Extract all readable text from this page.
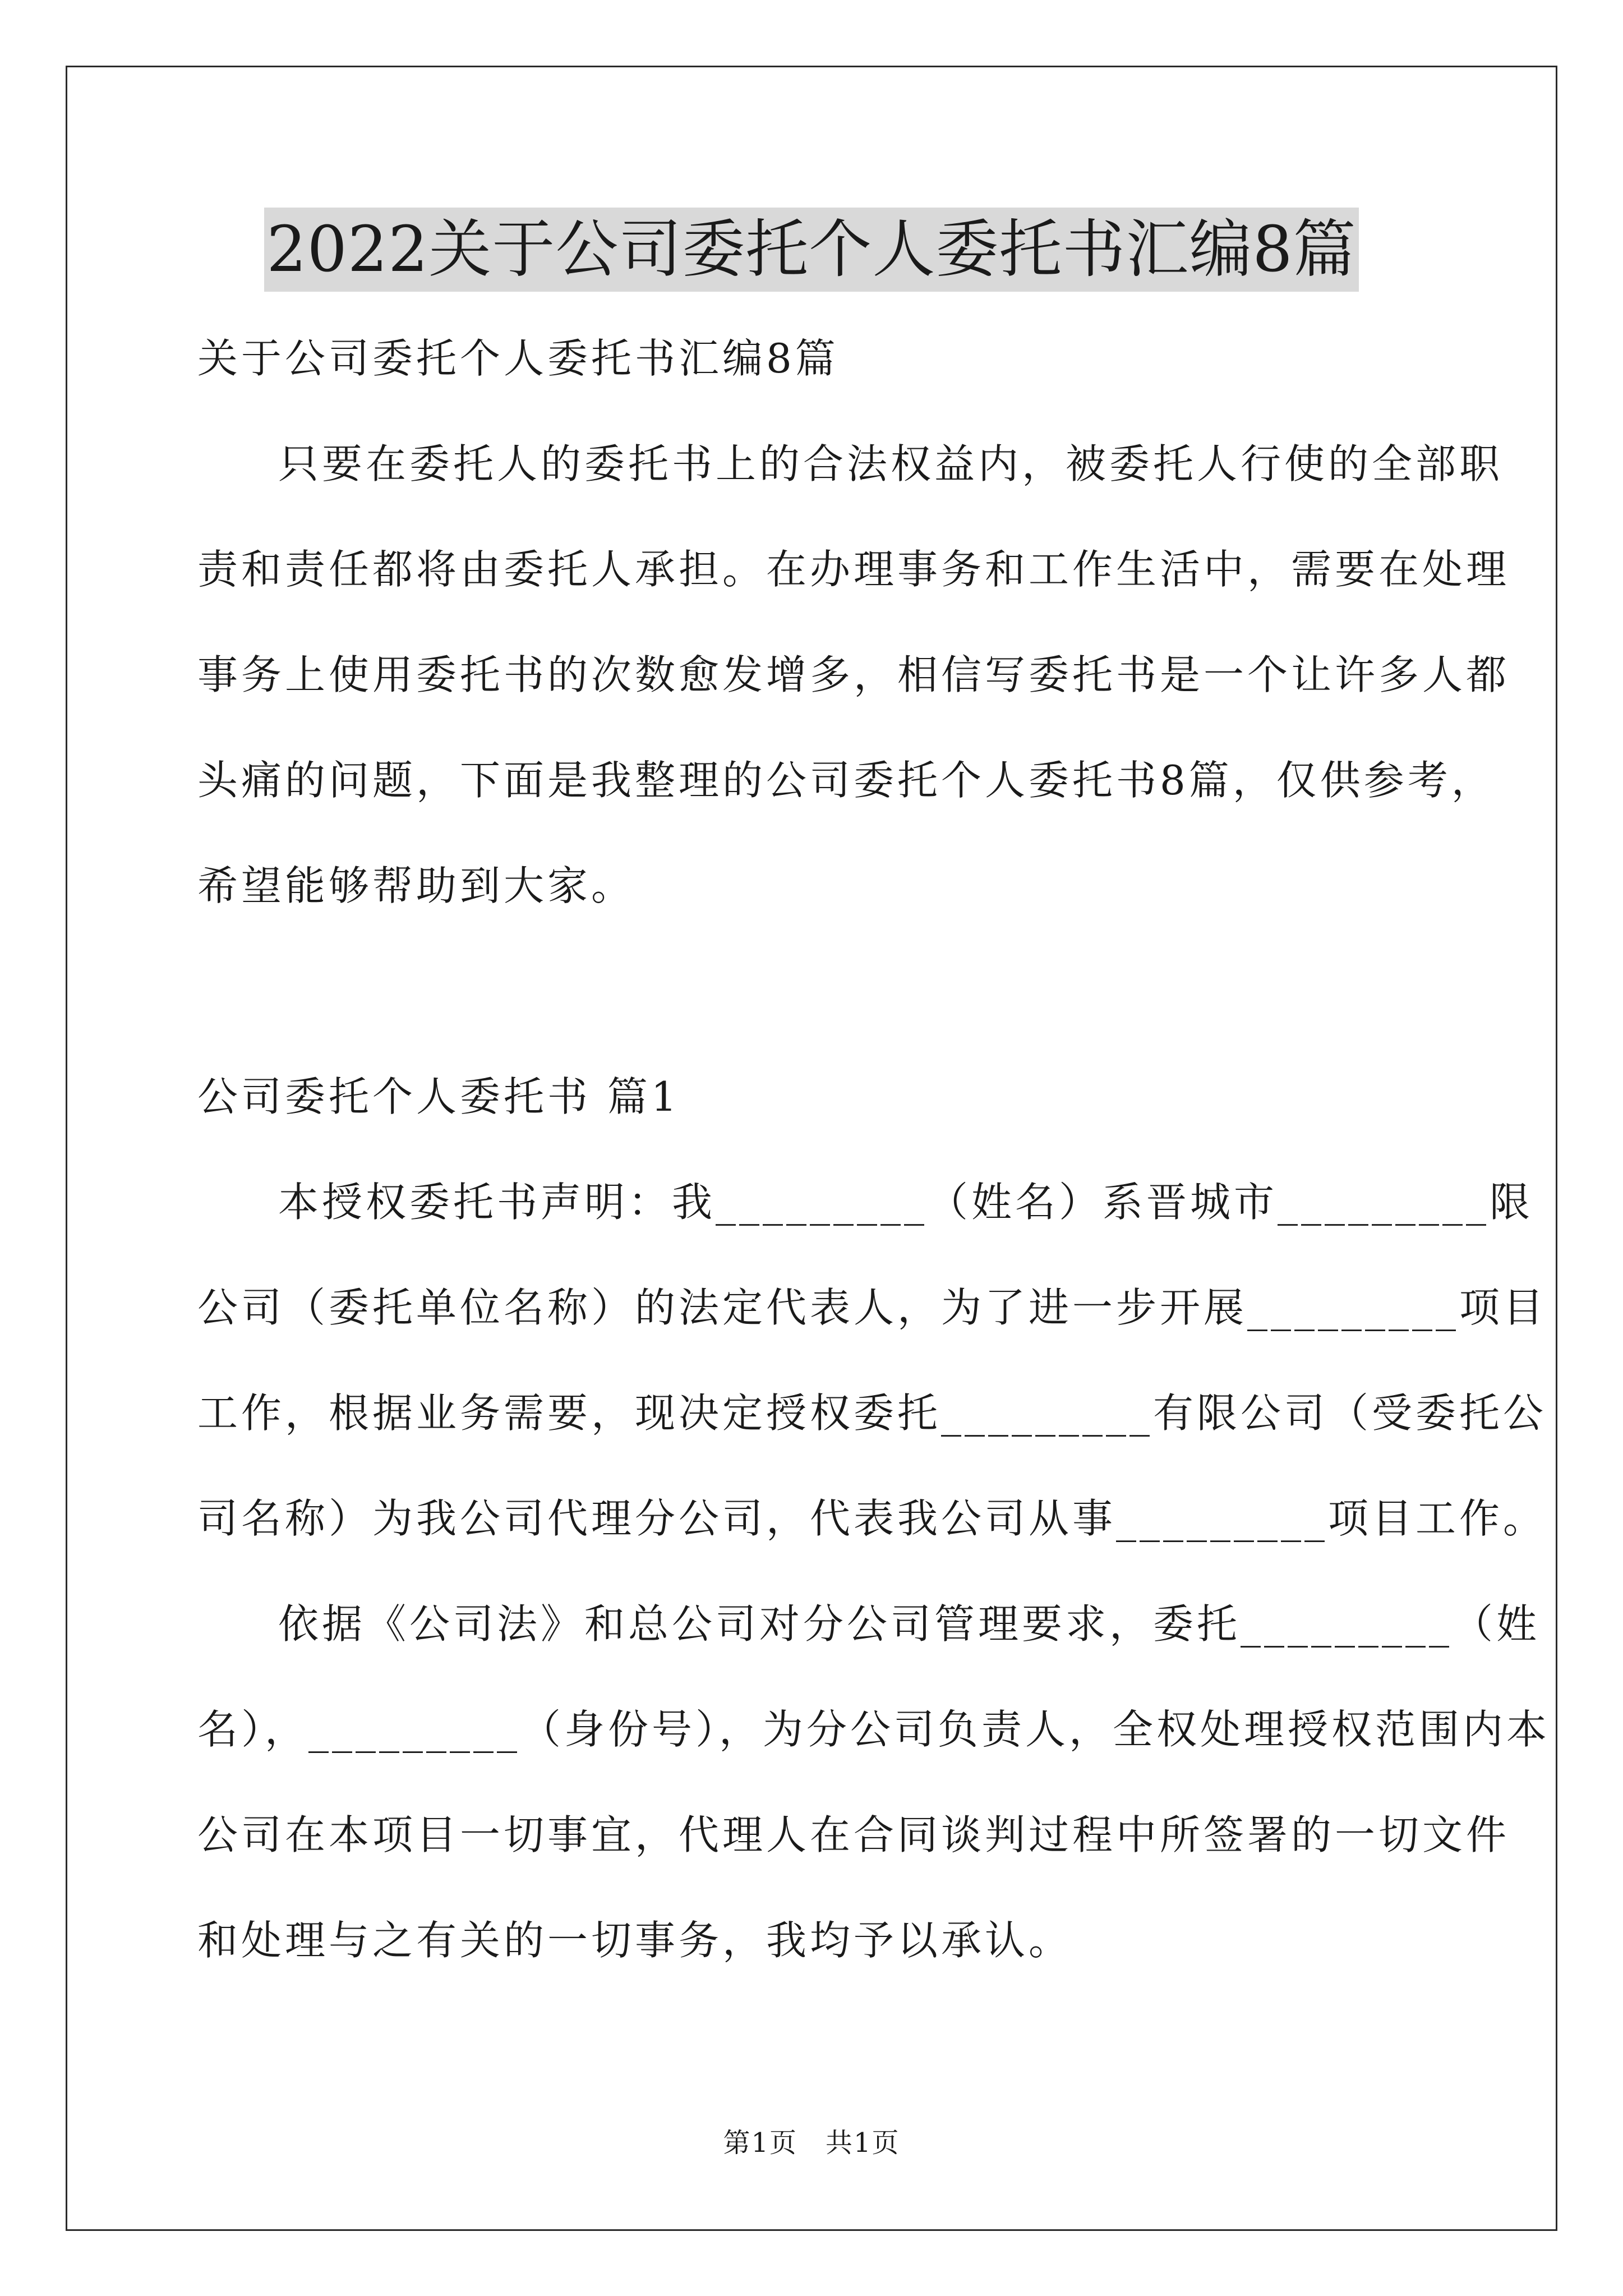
2022关于公司委托个人委托书汇编8篇
关于公司委托个人委托书汇编8篇
只要在委托人的委托书上的合法权益内，被委托人行使的全部职
责和责任都将由委托人承担。在办理事务和工作生活中，需要在处理
事务上使用委托书的次数愈发增多，相信写委托书是一个让许多人都
头痛的问题，下面是我整理的公司委托个人委托书8篇，仅供参考，
希望能够帮助到大家。
公司委托个人委托书 篇1
本授权委托书声明：我_________（姓名）系晋城市_________限
公司（委托单位名称）的法定代表人，为了进一步开展_________项目
工作，根据业务需要，现决定授权委托_________有限公司（受委托公
司名称）为我公司代理分公司，代表我公司从事_________项目工作。
依据《公司法》和总公司对分公司管理要求，委托_________（姓
名），_________（身份号），为分公司负责人，全权处理授权范围内本
公司在本项目一切事宜，代理人在合同谈判过程中所签署的一切文件
和处理与之有关的一切事务，我均予以承认。
第1页　共1页
